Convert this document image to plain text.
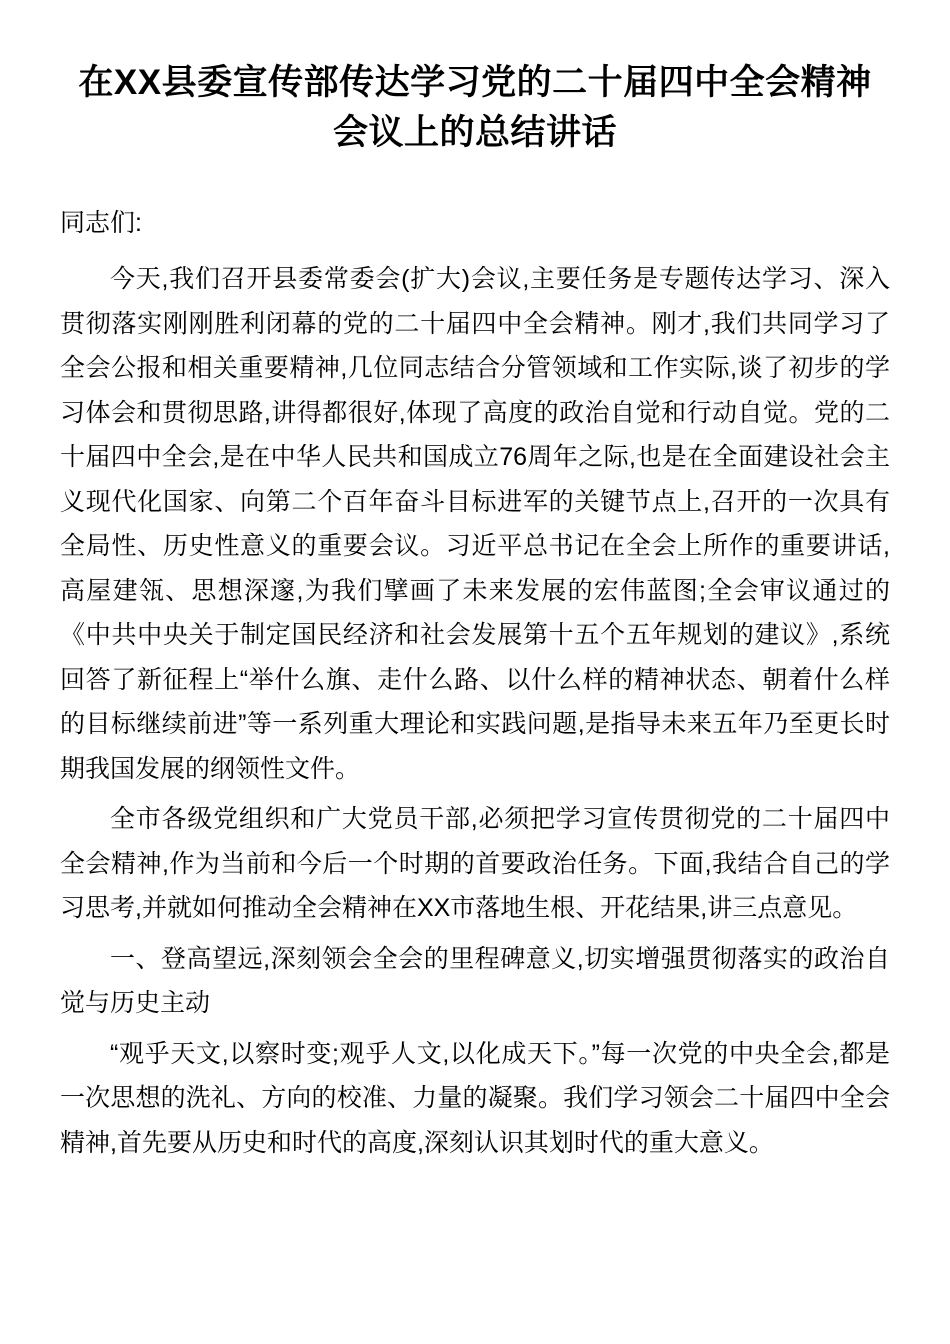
在XX县委宣传部传达学习党的二十届四中全会精神会议上的总结讲话
同志们:

今天,我们召开县委常委会(扩大)会议,主要任务是专题传达学习、深入贯彻落实刚刚胜利闭幕的党的二十届四中全会精神。刚才,我们共同学习了全会公报和相关重要精神,几位同志结合分管领域和工作实际,谈了初步的学习体会和贯彻思路,讲得都很好,体现了高度的政治自觉和行动自觉。党的二十届四中全会,是在中华人民共和国成立76周年之际,也是在全面建设社会主义现代化国家、向第二个百年奋斗目标进军的关键节点上,召开的一次具有全局性、历史性意义的重要会议。习近平总书记在全会上所作的重要讲话,高屋建瓴、思想深邃,为我们擘画了未来发展的宏伟蓝图;全会审议通过的《中共中央关于制定国民经济和社会发展第十五个五年规划的建议》,系统回答了新征程上“举什么旗、走什么路、以什么样的精神状态、朝着什么样的目标继续前进”等一系列重大理论和实践问题,是指导未来五年乃至更长时期我国发展的纲领性文件。

全市各级党组织和广大党员干部,必须把学习宣传贯彻党的二十届四中全会精神,作为当前和今后一个时期的首要政治任务。下面,我结合自己的学习思考,并就如何推动全会精神在XX市落地生根、开花结果,讲三点意见。

一、登高望远,深刻领会全会的里程碑意义,切实增强贯彻落实的政治自觉与历史主动

“观乎天文,以察时变;观乎人文,以化成天下。”每一次党的中央全会,都是一次思想的洗礼、方向的校准、力量的凝聚。我们学习领会二十届四中全会精神,首先要从历史和时代的高度,深刻认识其划时代的重大意义。
